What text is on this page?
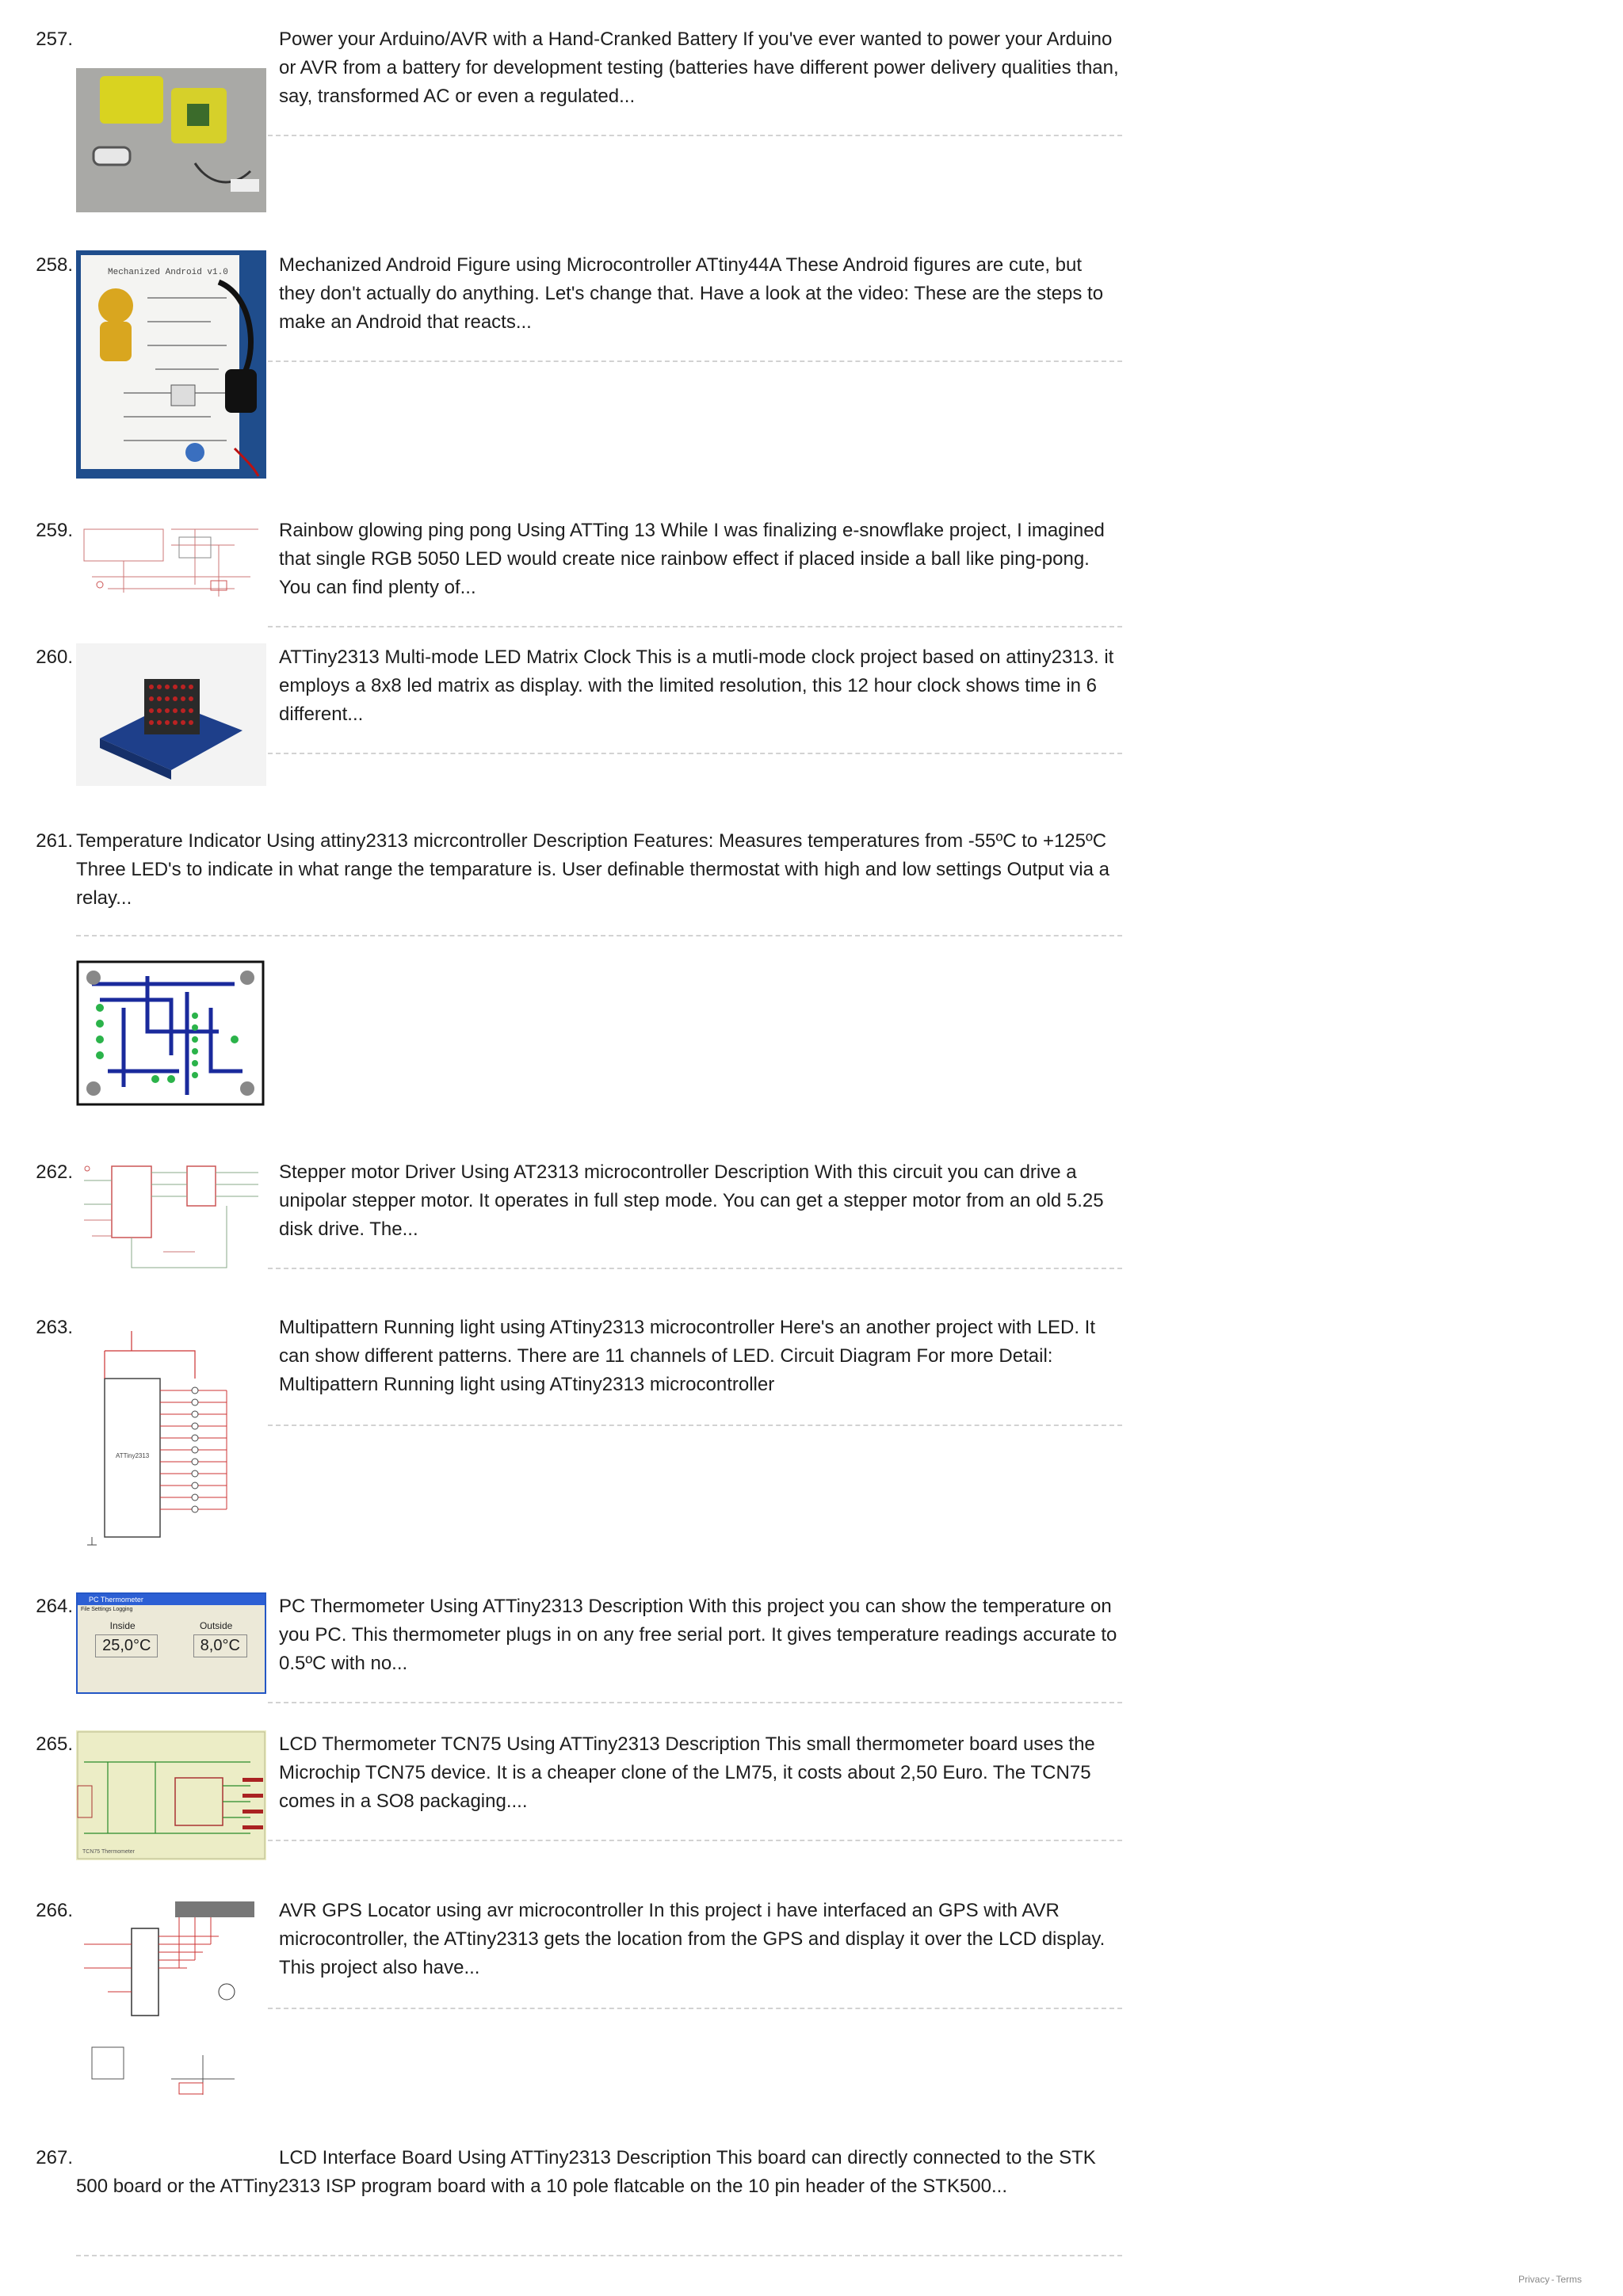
257.	Power your Arduino/AVR with a Hand-Cranked Battery If you've ever wanted to power your Arduino or AVR from a battery for development testing (batteries have different power delivery qualities than, say, transformed AC or even a regulated...
258.	Mechanized Android v1.0	Mechanized Android Figure using Microcontroller ATtiny44A These Android figures are cute, but they don't actually do anything. Let's change that. Have a look at the video: These are the steps to make an Android that reacts...
259.	Rainbow glowing ping pong Using ATTing 13 While I was finalizing e-snowflake project, I imagined that single RGB 5050 LED would create nice rainbow effect if placed inside a ball like ping-pong. You can find plenty of...
260.	ATTiny2313 Multi-mode LED Matrix Clock This is a mutli-mode clock project based on attiny2313. it employs a 8x8 led matrix as display. with the limited resolution, this 12 hour clock shows time in 6 different...
261. Temperature Indicator Using attiny2313 micrcontroller Description Features: Measures temperatures from -55ºC to +125ºC Three LED's to indicate in what range the temparature is. User definable thermostat with high and low settings Output via a relay...
262.	Stepper motor Driver Using AT2313 microcontroller Description With this circuit you can drive a unipolar stepper motor. It operates in full step mode. You can get a stepper motor from an old 5.25 disk drive. The...
263.
ATTiny2313
Multipattern Running light using ATtiny2313 microcontroller Here's an another project with LED. It can show different patterns. There are 11 channels of LED. Circuit Diagram For more Detail: Multipattern Running light using ATtiny2313 microcontroller
264.	PC Thermometer
File Settings Logging
Inside	Outside
25,0°C	8,0°C
PC Thermometer Using ATTiny2313 Description With this project you can show the temperature on you PC. This thermometer plugs in on any free serial port. It gives temperature readings accurate to 0.5ºC with no...
265.
TCN75 Thermometer
LCD Thermometer TCN75 Using ATTiny2313 Description This small thermometer board uses the Microchip TCN75 device. It is a cheaper clone of the LM75, it costs about 2,50 Euro. The TCN75 comes in a SO8 packaging....
266.	AVR GPS Locator using avr microcontroller In this project i have interfaced an GPS with AVR microcontroller, the ATtiny2313 gets the location from the GPS and display it over the LCD display. This project also have...
267.	LCD Interface Board Using ATTiny2313 Description This board can directly connected to the STK 500 board or the ATTiny2313 ISP program board with a 10 pole flatcable on the 10 pin header of the STK500...
Privacy - Terms
